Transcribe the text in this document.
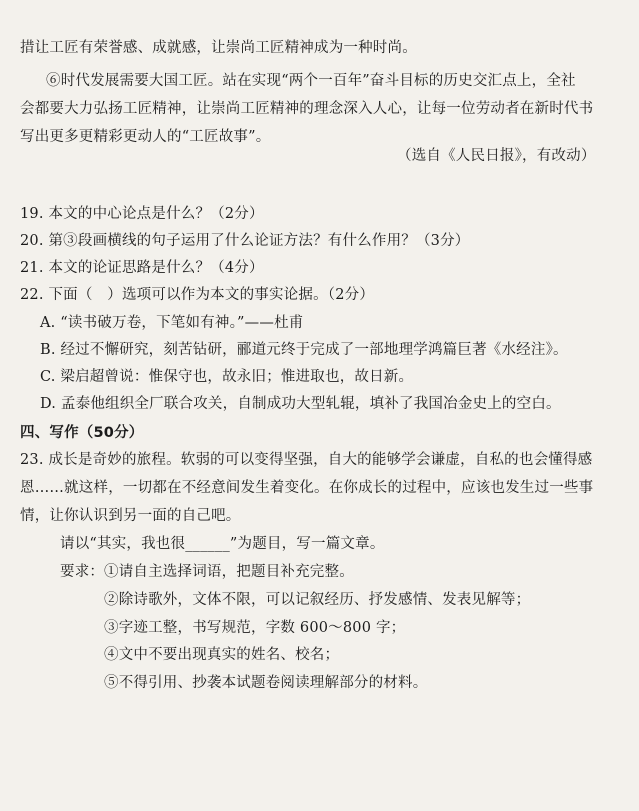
措让工匠有荣誉感、成就感，让崇尚工匠精神成为一种时尚。
⑥时代发展需要大国工匠。站在实现“两个一百年”奋斗目标的历史交汇点上，全社
会都要大力弘扬工匠精神，让崇尚工匠精神的理念深入人心，让每一位劳动者在新时代书
写出更多更精彩更动人的“工匠故事”。
（选自《人民日报》，有改动）
19. 本文的中心论点是什么？（2分）
20. 第③段画横线的句子运用了什么论证方法？有什么作用？（3分）
21. 本文的论证思路是什么？（4分）
22. 下面（　）选项可以作为本文的事实论据。（2分）
A. “读书破万卷，下笔如有神。”——杜甫
B. 经过不懈研究，刻苦钻研，郦道元终于完成了一部地理学鸿篇巨著《水经注》。
C. 梁启超曾说：惟保守也，故永旧；惟进取也，故日新。
D. 孟泰他组织全厂联合攻关，自制成功大型轧辊，填补了我国冶金史上的空白。
四、写作（50分）
23. 成长是奇妙的旅程。软弱的可以变得坚强，自大的能够学会谦虚，自私的也会懂得感
恩……就这样，一切都在不经意间发生着变化。在你成长的过程中，应该也发生过一些事
情，让你认识到另一面的自己吧。
请以“其实，我也很______”为题目，写一篇文章。
要求： ①请自主选择词语，把题目补充完整。
②除诗歌外，文体不限，可以记叙经历、抒发感情、发表见解等；
③字迹工整，书写规范，字数 600～800 字；
④文中不要出现真实的姓名、校名；
⑤不得引用、抄袭本试题卷阅读理解部分的材料。
